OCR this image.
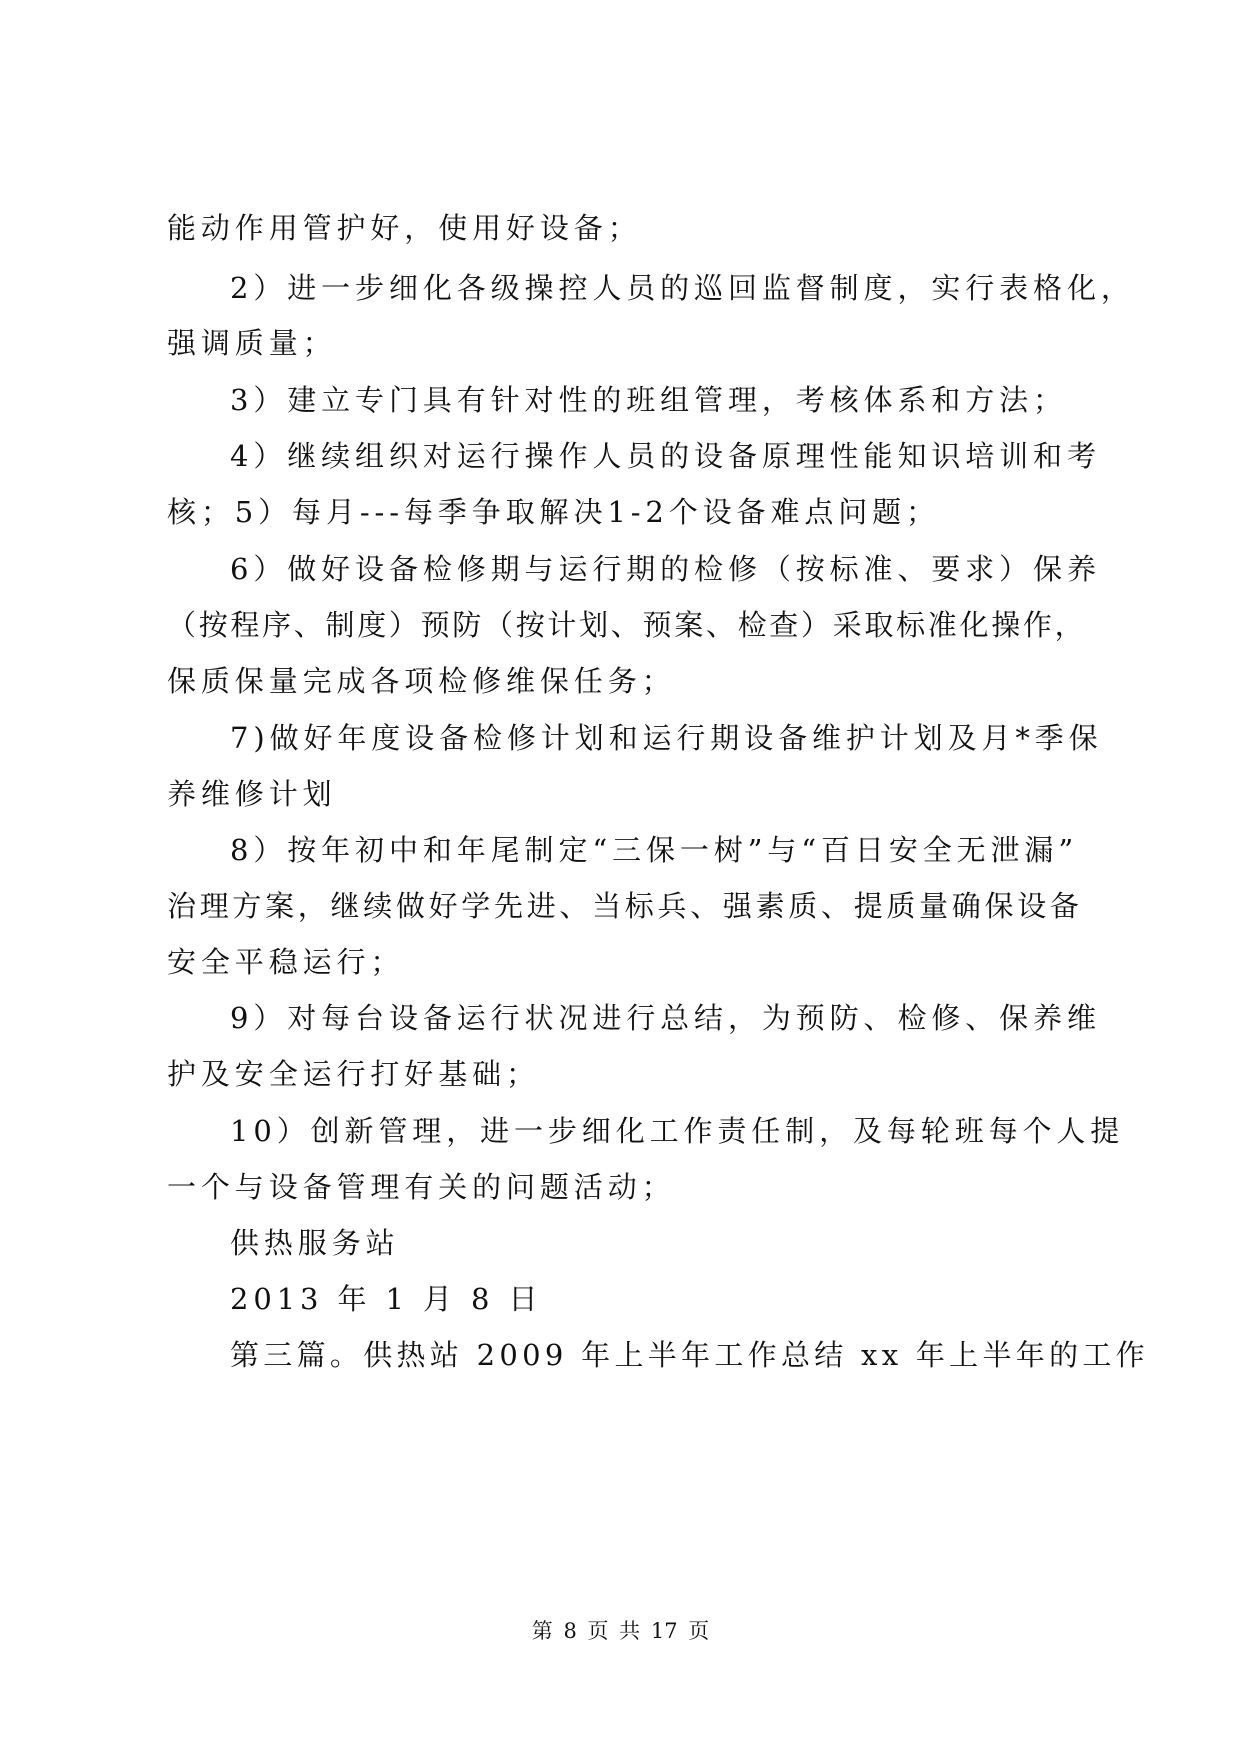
能动作用管护好，使用好设备；
2）进一步细化各级操控人员的巡回监督制度，实行表格化，
强调质量；
3）建立专门具有针对性的班组管理，考核体系和方法；
4）继续组织对运行操作人员的设备原理性能知识培训和考
核；5）每月---每季争取解决1-2个设备难点问题；
6）做好设备检修期与运行期的检修（按标准、要求）保养
（按程序、制度）预防（按计划、预案、检查）采取标准化操作，
保质保量完成各项检修维保任务；
7)做好年度设备检修计划和运行期设备维护计划及月*季保
养维修计划
8）按年初中和年尾制定“三保一树”与“百日安全无泄漏”
治理方案，继续做好学先进、当标兵、强素质、提质量确保设备
安全平稳运行；
9）对每台设备运行状况进行总结，为预防、检修、保养维
护及安全运行打好基础；
10）创新管理，进一步细化工作责任制，及每轮班每个人提
一个与设备管理有关的问题活动；
供热服务站
2013 年 1 月 8 日
第三篇。供热站 2009 年上半年工作总结 xx 年上半年的工作
第 8 页 共 17 页
